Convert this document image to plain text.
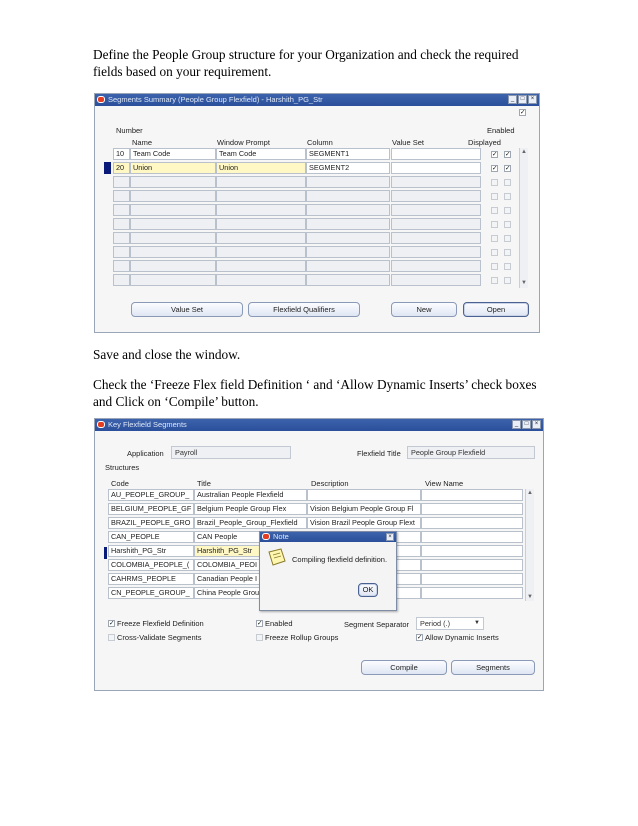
Define the People Group structure for your Organization and check the required fields based on your requirement.
Save and close the window.
Check the ‘Freeze Flex field Definition ‘ and ‘Allow Dynamic Inserts’ check boxes and Click on ‘Compile’ button.
Segments Summary (People Group Flexfield) - Harshith_PG_Str	_	□	×
✓
Number
Name	Window Prompt	Column	Value Set
Enabled
Displayed
10	Team Code	Team Code	SEGMENT1	✓ ✓
20	Union	Union	SEGMENT2	✓ ✓
▲
▼
Value Set	Flexfield Qualifiers	New	Open
Key Flexfield Segments	_	□	×
Application	Payroll	Flexfield Title	People Group Flexfield
Structures
Code	Title	Description	View Name
AU_PEOPLE_GROUP_	Australian People Flexfield
BELGIUM_PEOPLE_GF Belgium People Group Flex	Vision Belgium People Group Fl
BRAZIL_PEOPLE_GRO Brazil_People_Group_Flexfield	Vision Brazil People Group Flext
CAN_PEOPLE	CAN People
Harshith_PG_Str	Harshith_PG_Str
COLOMBIA_PEOPLE_(	COLOMBIA_PEOI
CAHRMS_PEOPLE	Canadian People I
CN_PEOPLE_GROUP_	China People Grou
▲
▼
Note	×
Compiling flexfield definition.
OK
✓ Freeze Flexfield Definition
Cross-Validate Segments
✓ Enabled
Freeze Rollup Groups
Segment Separator	Period (.)	▼
✓ Allow Dynamic Inserts
Compile	Segments
